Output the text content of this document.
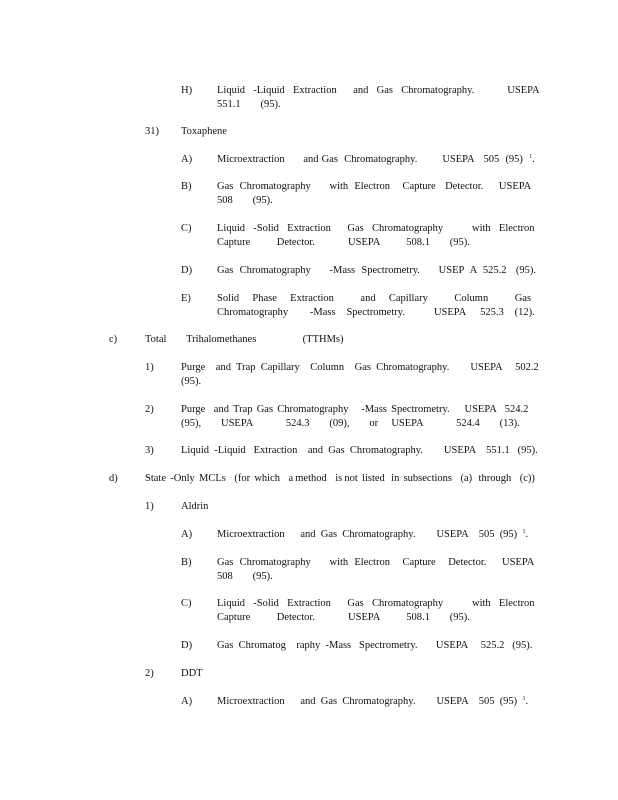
H) Liquid  -Liquid  Extraction    and  Gas  Chromatography.        USEPA
551.1   (95).
31) Toxaphene
A) Microextraction      and Gas  Chromatography.        USEPA   505  (95) $^1$.
B) Gas  Chromatography      with  Electron    Capture   Detector.     USEPA
508   (95).
C) Liquid  -Solid  Extraction    Gas  Chromatography       with  Electron
Capture    Detector.     USEPA    508.1   (95).
D) Gas  Chromatography      -Mass  Spectrometry.      USEP  A  525.2   (95).
E) Solid  Phase  Extraction    and  Capillary    Column    Gas
Chromatography      -Mass   Spectrometry.        USEPA    525.3   (12).
c)	Total   Trihalomethanes       (TTHMs)
1)	Purge    and  Trap  Capillary    Column    Gas  Chromatography.        USEPA     502.2
(95).
2)	Purge    and  Trap  Gas  Chromatography      -Mass  Spectrometry.       USEPA    524.2
(95),   USEPA     524.3   (09),   or  USEPA     524.4   (13).
3)	Liquid  -Liquid   Extraction    and  Gas  Chromatography.        USEPA    551.1   (95).
d)	State  -Only  MCLs    (for  which    a method    is not  listed   in  subsections    (a)   through    (c))
1)	Aldrin
A) Microextraction      and  Gas  Chromatography.        USEPA    505  (95) $^1$.
B) Gas  Chromatography      with  Electron    Capture    Detector.     USEPA
508   (95).
C) Liquid  -Solid  Extraction    Gas  Chromatography       with  Electron
Capture    Detector.     USEPA    508.1   (95).
D) Gas  Chromatog    raphy  -Mass   Spectrometry.       USEPA     525.2   (95).
2)	DDT
A) Microextraction      and  Gas  Chromatography.        USEPA    505  (95) $^1$.
